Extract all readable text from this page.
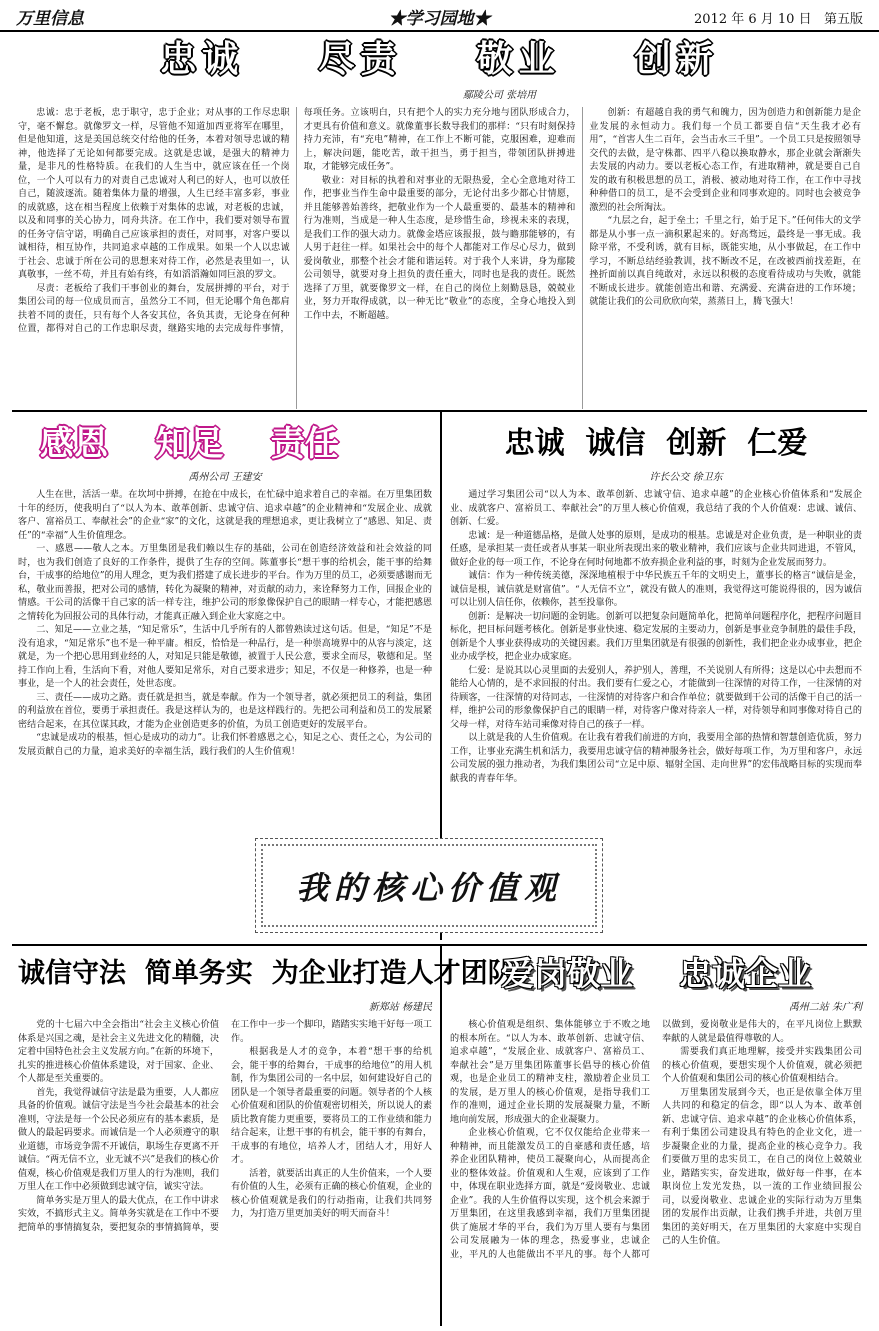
万里信息	★学习园地★	2012 年 6 月 10 日 第五版
忠诚    尽责    敬业    创新
鄢陵公司 张培用

忠诚：忠于老板，忠于职守，忠于企业；对从事的工作尽忠职守，毫不懈怠。就像罗文一样，尽管他不知道加西亚将军在哪里，但是他知道，这是美国总统交付给他的任务，本着对领导忠诚的精神，他选择了无论如何都要完成。这就是忠诚，是强大的精神力量，是非凡的性格特质。在我们的人生当中，就应该在任一个岗位，一个人可以有力的对责自己忠诚对人利已的好人，也可以放任自己，随波逐流。随着集体力量的增强，人生已经丰富多彩，事业的成就感，这在相当程度上依赖于对集体的忠诚，对老板的忠诚，以及和同事的关心协力，同舟共济。在工作中，我们要对领导布置的任务守信守诺，明确自己应该承担的责任，对同事，对客户要以诚相待，相互协作，共同追求卓越的工作成果。如果一个人以忠诚于社会、忠诚于所在公司的思想来对待工作，必然是表里如一，认真敬事，一丝不苟，并且有始有终，有如滔滔瀚如同巨浪的罗文。

尽责：老板给了我们干事创业的舞台，发展拼搏的平台，对于集团公司的每一位成员而言，虽然分工不同，但无论哪个角色都肩扶着不同的责任，只有每个人各安其位，各负其责，无论身在何种位置，都得对自己的工作忠职尽责，继路实地的去完成每件事情，每项任务。立该明白，只有把个人的实力充分地与团队形成合力，才更具有价值和意义。就像董事长数导我们的那样：“只有时刻保持持力充沛，有“充电”精神，在工作上不断可能，克服困难，迎难而上，解决问题，能吃苦，敢干担当，勇于担当，带领团队拼搏进取，才能够完成任务”。

敬业：对目标的执着和对事业的无限热爱，全心全意地对待工作，把事业当作生命中最重要的部分，无论付出多少都心甘情愿，并且能够善始善终，把敬业作为一个人最重要的、最基本的精神和行为准则，当成是一种人生态度，是珍惜生命，珍视未来的表现，是我们工作的强大动力。就像金塔应该报报，鼓与瞻那能够的，有人男于赶往一样。如果社会中的每个人都能对工作尽心尽力，做到爱岗敬业，那整个社会才能和谐运转。对于我个人来讲，身为鄢陵公司领导，就要对身上担负的责任重大，同时也是我的责任。既然选择了万里，就要像罗文一样，在自己的岗位上刻勤恳恳，兢兢业业，努力开取得成就，以一种无比“敬业”的态度，全身心地投入到工作中去，不断超越。

创新：有超越自我的勇气和魄力，因为创造力和创新能力是企业发展的永恒动力。我们每一个员工都要自信“天生我才必有用”，“首害人生二百年，会当击水三千里”。一个员工只是按照领导交代的去做，是守株都、四平八稳以换取静水，那企业就会渐渐失去发展的内动力。要以老板心态工作，有进取精神，就是要自己自发的敢有积极思想的员工，消极、被动地对待工作，在工作中寻找种种借口的员工，是不会受到企业和同事欢迎的。同时也会被竞争激烈的社会所淘汰。

“九层之台，起于垒土；千里之行，始于足下。”任何伟大的文学都是从小事一点一滴积累起来的。好高骛远，最终是一事无成。我除平常，不受利诱，就有目标，既能实地，从小事做起，在工作中学习，不断总结经验教训，找不断改不足，在改被西前找差距，在挫折面前以真自纯敢对，永远以积极的态度看待成功与失败，就能不断成长进步。就能创造出和谐、充满爱、充满奋进的工作环境；就能让我们的公司欣欣向荣，蒸蒸日上，腾飞强大！

感恩    知足    责任
禹州公司 王建安

人生在世，活活一辈。在坎坷中拼搏，在抢在中成长，在忙碌中追求着自己的幸福。在万里集团数十年的经历，使我明白了“以人为本、敢革创新、忠诚守信、追求卓越”的企业精神和“发展企业、成就客户、富裕员工、奉献社会”的企业“家”的文化，这就是我的理想追求，更让我树立了“感恩、知足、责任”的“幸福”人生价值理念。

一、感恩——敬人之本。万里集团是我们赖以生存的基础，公司在创造经济效益和社会效益的同时，也为我们创造了良好的工作条件，提供了生存的空间。陈董事长“想干事的给机会，能干事的给舞台，干成事的给地位”的用人理念，更为我们搭建了成长进步的平台。作为万里的员工，必须要感谢而无私，敬业而善报，把对公司的感情，转化为凝聚的精神，对贡献的动力，来诠释努力工作，回报企业的情感。干公司的活像干自己家的活一样专注，维护公司的形象像保护自己的眼睛一样专心，才能把感恩之情转化为回报公司的具体行动，才能真正融入到企业大家庭之中。

二、知足——立业之基，“知足常乐”，生活中几乎所有的人都曾熟读过这句话。但是，“知足”不是没有追求，“知足常乐”也不是一种平庸。相反，恰恰是一种品行，是一种崇高境界中的从容与淡定，这就是，为一个把心思用到业经的人，对知足只能是敬德，被置于人民公意，要求全而尽，敬德和足。坚持工作向上看，生活向下看，对他人要知足常乐，对自己要求进步；知足，不仅是一种修养，也是一种事业，是一个人的社会责任，处世态度。

三、责任——成功之路。责任就是担当，就是奉献。作为一个领导者，就必须把员工的利益，集团的利益放在首位，要勇于承担责任。我是这样认为的，也是这样践行的。先把公司利益和员工的发展紧密结合起来，在其位谋其政，才能为企业创造更多的价值，为员工创造更好的发展平台。

“忠诚是成功的根基，恒心是成功的动力”。让我们怀着感恩之心，知足之心、责任之心，为公司的发展贡献自己的力量，追求美好的幸福生活，践行我们的人生价值观！

忠诚  诚信  创新  仁爱
许长公交 徐卫东

通过学习集团公司“以人为本、敢革创新、忠诚守信、追求卓越”的企业核心价值体系和“发展企业、成就客户、富裕员工、奉献社会”的万里人核心价值观，我总结了我的个人价值观：忠诚、诚信、创新、仁爱。

忠诚：是一种道德品格，是做人处事的原则，是成功的根基。忠诚是对企业负责，是一种职业的责任感，是承担某一责任或者从事某一职业所表现出来的敬业精神，我们应该与企业共同进退，不管风，做好企业的每一项工作，不论身在何时何地都不放弃损企业利益的事，时刻为企业发展而努力。

诚信：作为一种传统美德，深深地植根于中华民族五千年的文明史上，董事长的格言“诚信是金，诚信是根，诚信就是财富值”。“人无信不立”，就没有做人的准则，我觉得这可能说得很的，因为诚信可以让别人信任你，依赖你，甚至投靠你。

创新：是解决一切问题的金钥匙。创新可以把复杂问题简单化，把简单问题程序化，把程序问题目标化，把目标问题考核化。创新是事业快速、稳定发展的主要动力，创新是事业竞争制胜的最佳手段，创新是个人事业获得成功的关键因素。我们万里集团就是有很强的创新性，我们把企业办成事业，把企业办成学校，把企业办成家庭。

仁爱：是说其以心灵里面的去爱别人，养护别人，善理，不关说别人有所得；这是以心中去想而不能给人心情的，是不求回报的付出。我们要有仁爱之心，才能做到一往深情的对待工作，一往深情的对待顾客，一往深情的对待同志，一往深情的对待客户和合作单位；就要做到干公司的活像干自己的活一样，维护公司的形象像保护自己的眼睛一样，对待客户像对待亲人一样，对待领导和同事像对待自己的父母一样，对待车站司乘像对待自己的孩子一样。

以上就是我的人生价值观。在让我有着我们前进的方向，我要用全部的热情和智慧创造优质，努力工作，让事业充满生机和活力，我要用忠诚守信的精神服务社会，做好每项工作，为万里和客户，永远公司发展的强力推动者，为我们集团公司“立足中原、辐射全国、走向世界”的宏伟战略目标的实现而奉献我的青春年华。

我的核心价值观
诚信守法  简单务实  为企业打造人才团队
新郑站 杨建民

党的十七届六中全会指出“社会主义核心价值体系是兴国之魂，是社会主义先进文化的精髓，决定着中国特色社会主义发展方向。”在新的环境下，扎实的推进核心价值体系建设，对于国家、企业、个人都是至关重要的。

首先，我觉得诚信守法是最为重要，人人都应具备的价值观。诚信守法是当今社会最基本的社会准则，守法是每一个公民必须应有的基本素质，是做人的最起码要求。而诚信是一个人必须遵守的职业道德，市场竞争需不开诚信，职场生存更离不开诚信。“两无信不立，业无诚不兴”是我们的核心价值观，核心价值观是我们万里人的行为准则，我们万里人在工作中必须做到忠诚守信，诚实守法。

简单务实是万里人的最大优点，在工作中讲求实效，不搞形式主义。简单务实就是在工作中不要把简单的事情搞复杂，要把复杂的事情搞简单，要在工作中一步一个脚印，踏踏实实地干好每一项工作。

根据我是人才的竞争，本着“想干事的给机会，能干事的给舞台，干成事的给地位”的用人机制，作为集团公司的一名中层，如何建设好自己的团队是一个领导者最重要的问题。领导者的个人核心价值观和团队的价值观密切相关，所以说人的素质比教育能力更重要，要将员工的工作业绩和能力结合起来，让想干事的有机会，能干事的有舞台，干成事的有地位，培养人才，团结人才，用好人才。

活着，就要活出真正的人生价值来，一个人要有价值的人生，必须有正确的核心价值观，企业的核心价值观就是我们的行动指南，让我们共同努力，为打造万里更加美好的明天而奋斗！

爱岗敬业    忠诚企业
禹州二站 朱广利

核心价值观是组织、集体能够立于不败之地的根本所在。“以人为本、敢革创新、忠诚守信、追求卓越”，“发展企业、成就客户、富裕员工、奉献社会”是万里集团陈董事长倡导的核心价值观，也是企业员工的精神支柱，激励着企业员工的发展，是万里人的核心价值观，是指导我们工作的准则，通过企业长期的发展凝聚力量，不断地向前发展，形成强大的企业凝聚力。

企业核心价值观，它不仅仅能给企业带来一种精神，而且能激发员工的自豪感和责任感，培养企业团队精神，使员工凝聚向心，从而提高企业的整体效益。价值观和人生观，应该到了工作中，体现在职业选择方面，就是“爱岗敬业、忠诚企业”。我的人生价值得以实现，这个机会来源于万里集团，在这里我感到幸福，我们万里集团提供了施展才华的平台，我们为万里人要有与集团公司发展融为一体的理念，热爱事业，忠诚企业，平凡的人也能做出不平凡的事。每个人都可以做到，爱岗敬业是伟大的，在平凡岗位上默默奉献的人就是最值得尊敬的人。

需要我们真正地理解，接受并实践集团公司的核心价值观，要想实现个人价值观，就必须把个人价值观和集团公司的核心价值观相结合。

万里集团发展到今天，也正是依靠全体万里人共同的和稳定的信念，即“以人为本、敢革创新、忠诚守信、追求卓越”的企业核心价值体系，有利于集团公司建设具有特色的企业文化，进一步凝聚企业的力量，提高企业的核心竞争力。我们要做万里的忠实员工，在自己的岗位上兢兢业业，踏踏实实，奋发进取，做好每一件事，在本职岗位上发光发热，以一流的工作业绩回报公司，以爱岗敬业、忠诚企业的实际行动为万里集团的发展作出贡献，让我们携手并进，共创万里集团的美好明天，在万里集团的大家庭中实现自己的人生价值。
